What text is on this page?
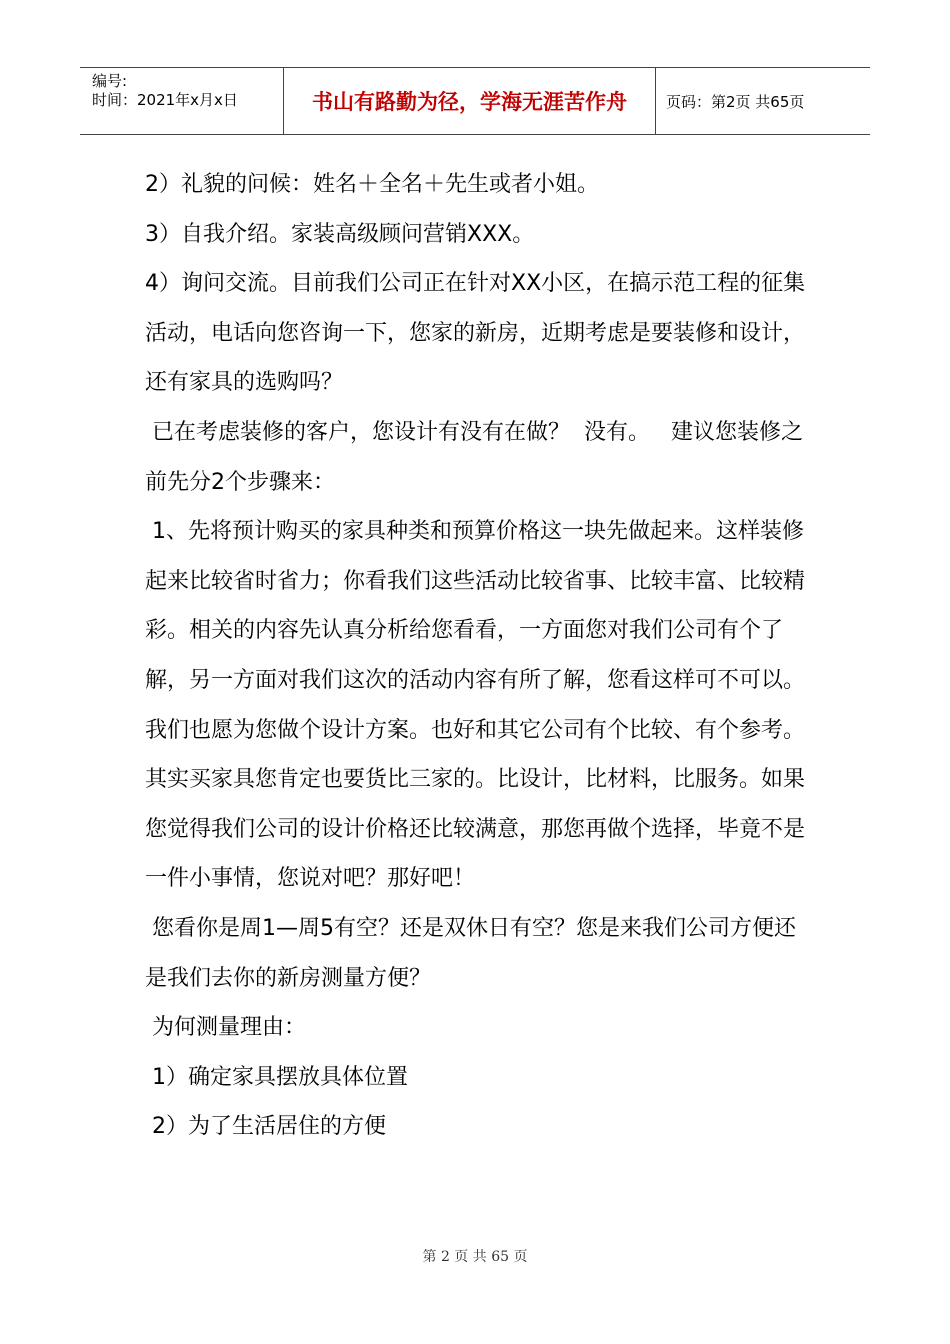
编号:
时间：2021年x月x日	书山有路勤为径，学海无涯苦作舟	页码：第2页 共65页

2）礼貌的问候：姓名＋全名＋先生或者小姐。

3）自我介绍。家装高级顾问营销XXX。

4）询问交流。目前我们公司正在针对XX小区，在搞示范工程的征集活动，电话向您咨询一下，您家的新房，近期考虑是要装修和设计，还有家具的选购吗？

已在考虑装修的客户，您设计有没有在做？  没有。   建议您装修之前先分2个步骤来：

1、先将预计购买的家具种类和预算价格这一块先做起来。这样装修起来比较省时省力；你看我们这些活动比较省事、比较丰富、比较精彩。相关的内容先认真分析给您看看，一方面您对我们公司有个了解，另一方面对我们这次的活动内容有所了解，您看这样可不可以。我们也愿为您做个设计方案。也好和其它公司有个比较、有个参考。其实买家具您肯定也要货比三家的。比设计，比材料，比服务。如果您觉得我们公司的设计价格还比较满意，那您再做个选择，毕竟不是一件小事情，您说对吧？那好吧！

您看你是周1—周5有空？还是双休日有空？您是来我们公司方便还是我们去你的新房测量方便？

为何测量理由：

1）确定家具摆放具体位置

2）为了生活居住的方便

第 2 页 共 65 页
